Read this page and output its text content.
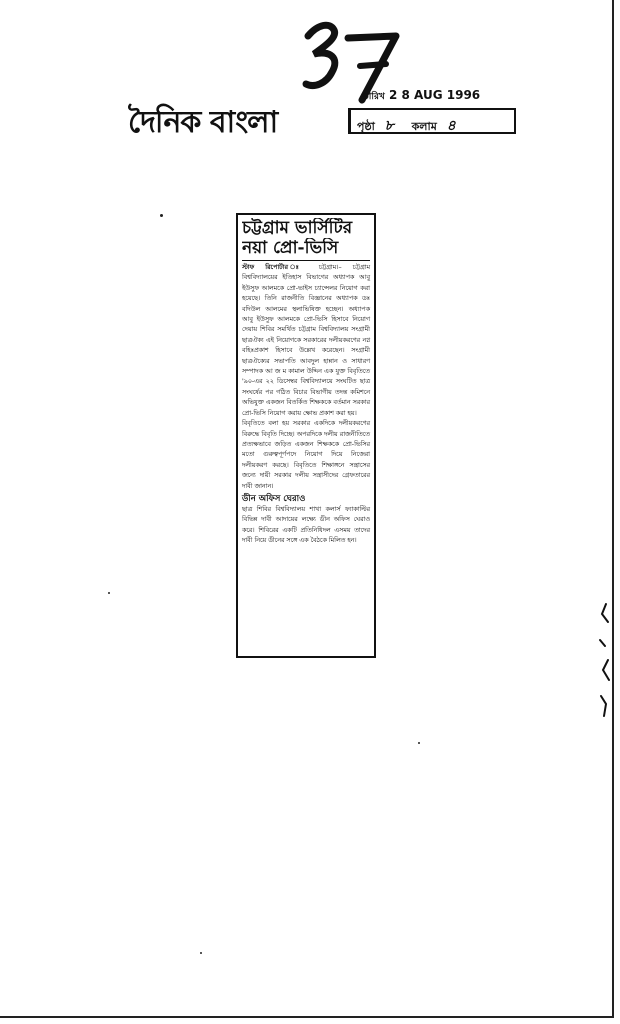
দৈনিক বাংলা
তারিখ 2 8 AUG 1996
পৃষ্ঠা ৮ কলাম ৪
চট্টগ্রাম ভার্সিটির
নয়া প্রো-ভিসি

স্টাফ রিপোর্টার ঃ চট্টগ্রাম।– চট্টগ্রাম বিশ্ববিদ্যালয়ের ইতিহাস বিভাগের অধ্যাপক আবু ইউসুফ আলমকে প্রো-ভাইস চ্যান্সেলর নিয়োগ করা হয়েছে। তিনি রাজনীতি বিজ্ঞানের অধ্যাপক ডঃ বদিউল আলমের স্থলাভিষিক্ত হচ্ছেন। অধ্যাপক আবু ইউসুফ আলমকে প্রো-ভিসি হিসাবে নিয়োগ দেয়ায় শিবির সমর্থিত চট্টগ্রাম বিশ্ববিদ্যালয় সংগ্রামী ছাত্রঐক্য এই নিয়োগকে সরকারের দলীয়করণের নগ্ন বহিঃপ্রকাশ হিসাবে উল্লেখ করেছেন। সংগ্রামী ছাত্রঐক্যের সভাপতি আবদুল হান্নান ও সাধারণ সম্পাদক আ জ ম কামাল উদ্দিন এক যুক্ত বিবৃতিতে '৯০-এর ২২ ডিসেম্বর বিশ্ববিদ্যালয়ে সংঘটিত ছাত্র সংঘর্ষের পর গঠিত বিচার বিভাগীয় তদন্ত কমিশনে অভিযুক্ত একজন বিতর্কিত শিক্ষককে বর্তমান সরকার প্রো-ভিসি নিয়োগ করায় ক্ষোভ প্রকাশ করা হয়।

বিবৃতিতে বলা হয় সরকার একদিকে দলীয়করণের বিরুদ্ধে বিবৃতি দিচ্ছে। অপরদিকে দলীয় রাজনীতিতে প্রত্যক্ষভাবে জড়িত একজন শিক্ষককে প্রো-ভিসির মতো গুরুত্বপূর্ণপদে নিয়োগ দিয়ে নিজেরা দলীয়করণ করছে। বিবৃতিতে শিক্ষাঙ্গনে সন্ত্রাসের জন্যে দায়ী সরকার দলীয় সন্ত্রাসীদের গ্রেফতারের দাবী জানান।

ডীন অফিস ঘেরাও

ছাত্র শিবির বিশ্ববিদ্যালয় শাখা কলার্স ফ্যাকাল্টির বিভিন্ন দাবী আদায়ের লক্ষ্যে ডীন অফিস ঘেরাও করে। শিবিরের একটি প্রতিনিধিদল এসময় তাদের দাবী নিয়ে ডীনের সঙ্গে এক বৈঠকে মিলিত হন।
